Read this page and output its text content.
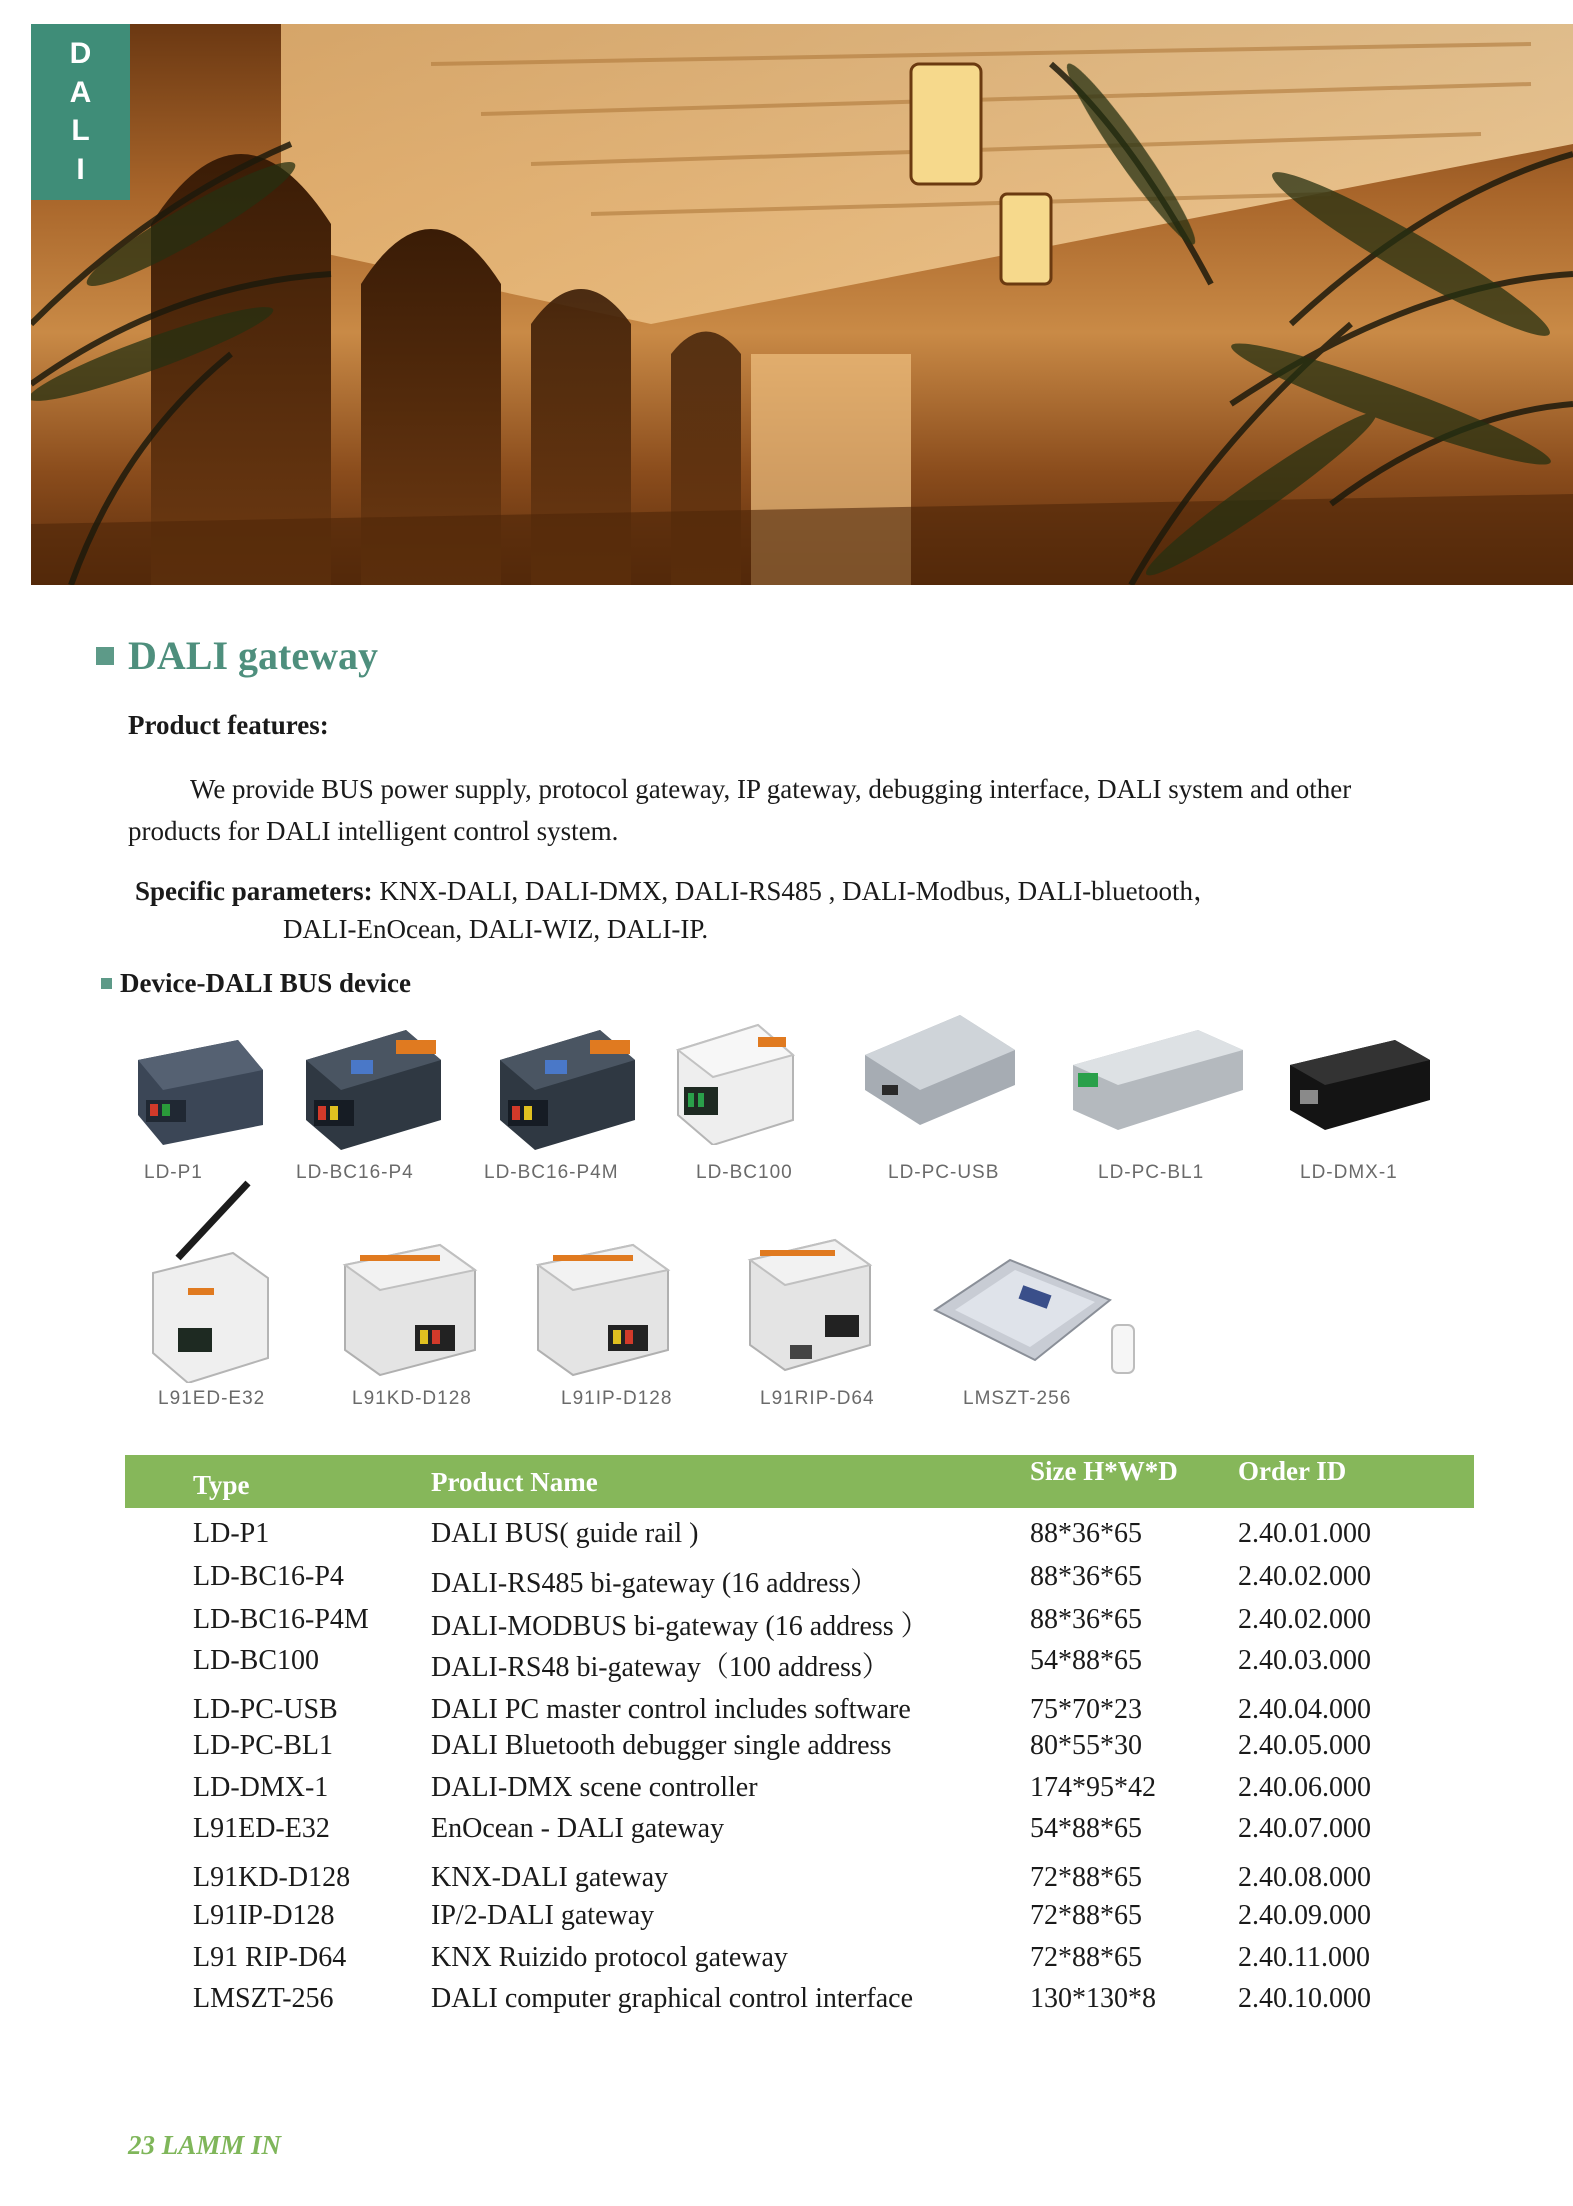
D
A
L
I
DALI gateway
Product features:

We provide BUS power supply, protocol gateway, IP gateway, debugging interface, DALI system and other products for DALI intelligent control system.

Specific parameters: KNX-DALI, DALI-DMX, DALI-RS485 , DALI-Modbus, DALI-bluetooth，
DALI-EnOcean, DALI-WIZ, DALI-IP.
Device-DALI BUS device
LD-P1	LD-BC16-P4	LD-BC16-P4M	LD-BC100	LD-PC-USB	LD-PC-BL1	LD-DMX-1
L91ED-E32	L91KD-D128	L91IP-D128	L91RIP-D64	LMSZT-256
Type	Product Name	Size H*W*D Order ID
LD-P1	DALI BUS( guide rail )	88*36*65	2.40.01.000
LD-BC16-P4	DALI-RS485 bi-gateway (16 address）	88*36*65	2.40.02.000
LD-BC16-P4M DALI-MODBUS bi-gateway (16 address ）	88*36*65	2.40.02.000
LD-BC100	DALI-RS48 bi-gateway（100 address）	54*88*65	2.40.03.000
LD-PC-USB	DALI PC master control includes software	75*70*23	2.40.04.000
LD-PC-BL1	DALI Bluetooth debugger single address	80*55*30	2.40.05.000
LD-DMX-1	DALI-DMX scene controller	174*95*42	2.40.06.000
L91ED-E32	EnOcean - DALI gateway	54*88*65	2.40.07.000
L91KD-D128	KNX-DALI gateway	72*88*65	2.40.08.000
L91IP-D128	IP/2-DALI gateway	72*88*65	2.40.09.000
L91 RIP-D64	KNX Ruizido protocol gateway	72*88*65	2.40.11.000
LMSZT-256	DALI computer graphical control interface	130*130*8	2.40.10.000
23 LAMM IN
